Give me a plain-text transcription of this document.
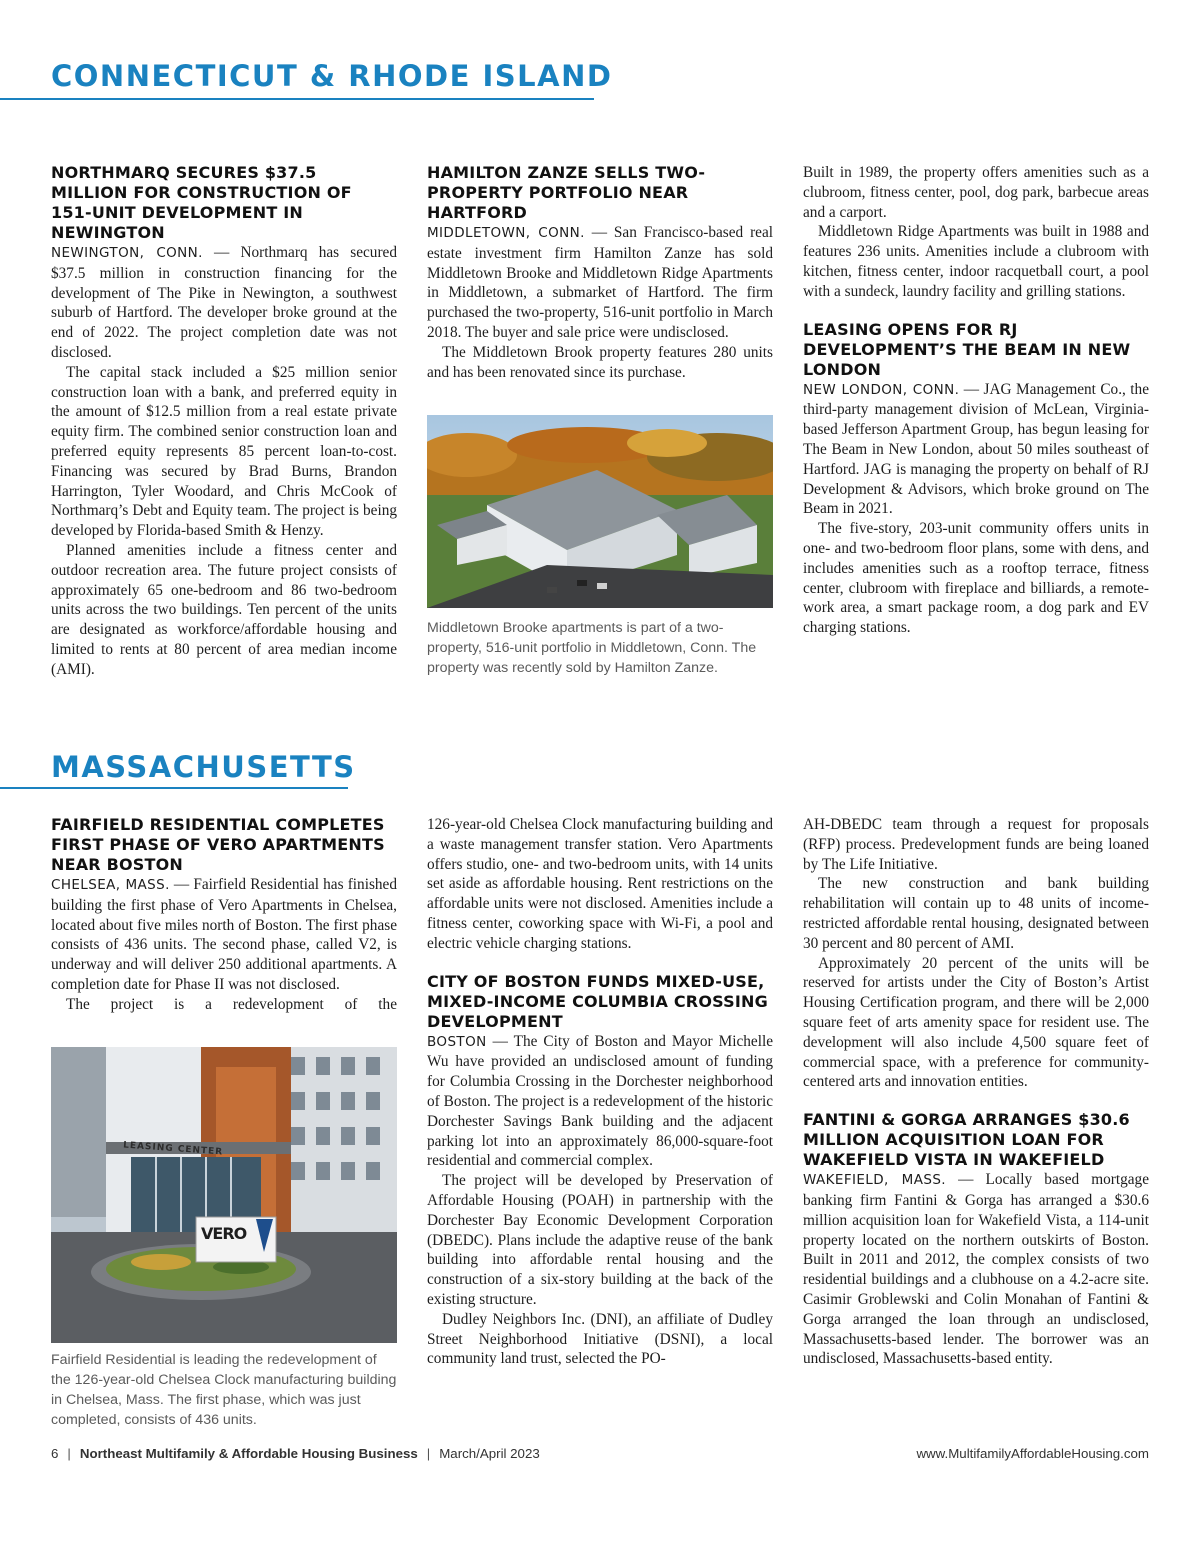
CONNECTICUT & RHODE ISLAND
NORTHMARQ SECURES $37.5 MILLION FOR CONSTRUCTION OF 151-UNIT DEVELOPMENT IN NEWINGTON

NEWINGTON, CONN. — Northmarq has secured $37.5 million in construction financing for the development of The Pike in Newington, a southwest suburb of Hartford. The developer broke ground at the end of 2022. The project completion date was not disclosed.

The capital stack included a $25 million senior construction loan with a bank, and preferred equity in the amount of $12.5 million from a real estate private equity firm. The combined senior construction loan and preferred equity represents 85 percent loan-to-cost. Financing was secured by Brad Burns, Brandon Harrington, Tyler Woodard, and Chris McCook of Northmarq’s Debt and Equity team. The project is being developed by Florida-based Smith & Henzy.

Planned amenities include a fitness center and outdoor recreation area. The future project consists of approximately 65 one-bedroom and 86 two-bedroom units across the two buildings. Ten percent of the units are designated as workforce/affordable housing and limited to rents at 80 percent of area median income (AMI).

HAMILTON ZANZE SELLS TWO-PROPERTY PORTFOLIO NEAR HARTFORD

MIDDLETOWN, CONN. — San Francisco-based real estate investment firm Hamilton Zanze has sold Middletown Brooke and Middletown Ridge Apartments in Middletown, a submarket of Hartford. The firm purchased the two-property, 516-unit portfolio in March 2018. The buyer and sale price were undisclosed.

The Middletown Brook property features 280 units and has been renovated since its purchase.

Middletown Brooke apartments is part of a two-property, 516-unit portfolio in Middletown, Conn. The property was recently sold by Hamilton Zanze.

Built in 1989, the property offers amenities such as a clubroom, fitness center, pool, dog park, barbecue areas and a carport.

Middletown Ridge Apartments was built in 1988 and features 236 units. Amenities include a clubroom with kitchen, fitness center, indoor racquetball court, a pool with a sundeck, laundry facility and grilling stations.

LEASING OPENS FOR RJ DEVELOPMENT’S THE BEAM IN NEW LONDON

NEW LONDON, CONN. — JAG Management Co., the third-party management division of McLean, Virginia-based Jefferson Apartment Group, has begun leasing for The Beam in New London, about 50 miles southeast of Hartford. JAG is managing the property on behalf of RJ Development & Advisors, which broke ground on The Beam in 2021.

The five-story, 203-unit community offers units in one- and two-bedroom floor plans, some with dens, and includes amenities such as a rooftop terrace, fitness center, clubroom with fireplace and billiards, a remote-work area, a smart package room, a dog park and EV charging stations.

MASSACHUSETTS
FAIRFIELD RESIDENTIAL COMPLETES FIRST PHASE OF VERO APARTMENTS NEAR BOSTON

CHELSEA, MASS. — Fairfield Residential has finished building the first phase of Vero Apartments in Chelsea, located about five miles north of Boston. The first phase consists of 436 units. The second phase, called V2, is underway and will deliver 250 additional apartments. A completion date for Phase II was not disclosed.

The project is a redevelopment of the

LEASING CENTER
VERO
Fairfield Residential is leading the redevelopment of the 126-year-old Chelsea Clock manufacturing building in Chelsea, Mass. The first phase, which was just completed, consists of 436 units.

126-year-old Chelsea Clock manufacturing building and a waste management transfer station. Vero Apartments offers studio, one- and two-bedroom units, with 14 units set aside as affordable housing. Rent restrictions on the affordable units were not disclosed. Amenities include a fitness center, coworking space with Wi-Fi, a pool and electric vehicle charging stations.

CITY OF BOSTON FUNDS MIXED-USE, MIXED-INCOME COLUMBIA CROSSING DEVELOPMENT

BOSTON — The City of Boston and Mayor Michelle Wu have provided an undisclosed amount of funding for Columbia Crossing in the Dorchester neighborhood of Boston. The project is a redevelopment of the historic Dorchester Savings Bank building and the adjacent parking lot into an approximately 86,000-square-foot residential and commercial complex.

The project will be developed by Preservation of Affordable Housing (POAH) in partnership with the Dorchester Bay Economic Development Corporation (DBEDC). Plans include the adaptive reuse of the bank building into affordable rental housing and the construction of a six-story building at the back of the existing structure.

Dudley Neighbors Inc. (DNI), an affiliate of Dudley Street Neighborhood Initiative (DSNI), a local community land trust, selected the PO-

AH-DBEDC team through a request for proposals (RFP) process. Predevelopment funds are being loaned by The Life Initiative.

The new construction and bank building rehabilitation will contain up to 48 units of income-restricted affordable rental housing, designated between 30 percent and 80 percent of AMI.

Approximately 20 percent of the units will be reserved for artists under the City of Boston’s Artist Housing Certification program, and there will be 2,000 square feet of arts amenity space for resident use. The development will also include 4,500 square feet of commercial space, with a preference for community-centered arts and innovation entities.

FANTINI & GORGA ARRANGES $30.6 MILLION ACQUISITION LOAN FOR WAKEFIELD VISTA IN WAKEFIELD

WAKEFIELD, MASS. — Locally based mortgage banking firm Fantini & Gorga has arranged a $30.6 million acquisition loan for Wakefield Vista, a 114-unit property located on the northern outskirts of Boston. Built in 2011 and 2012, the complex consists of two residential buildings and a clubhouse on a 4.2-acre site. Casimir Groblewski and Colin Monahan of Fantini & Gorga arranged the loan through an undisclosed, Massachusetts-based lender. The borrower was an undisclosed, Massachusetts-based entity.

6 | Northeast Multifamily & Affordable Housing Business | March/April 2023	www.MultifamilyAffordableHousing.com
